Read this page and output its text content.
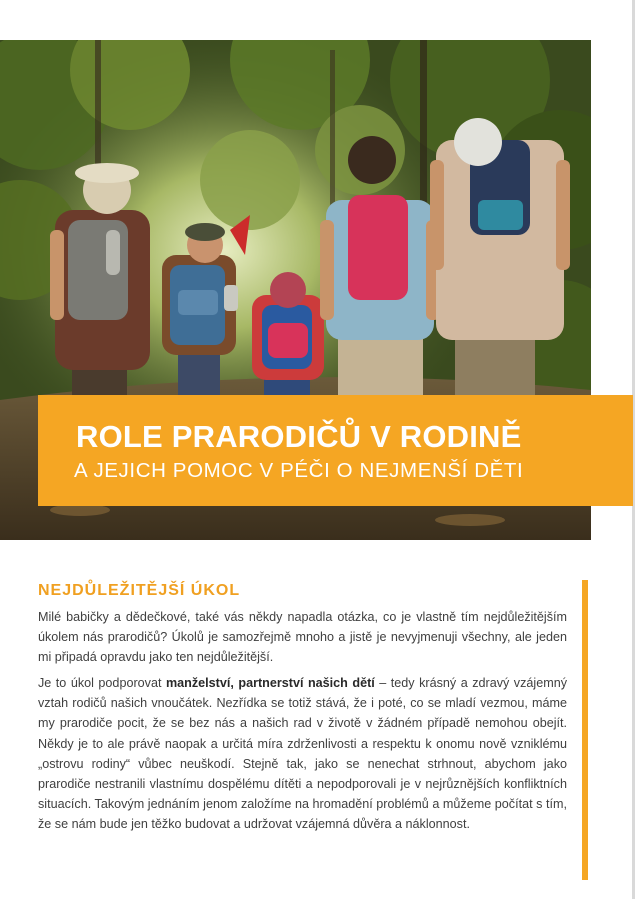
ROLE PRARODIČŮ V RODINĚ
A JEJICH POMOC V PÉČI O NEJMENŠÍ DĚTI
NEJDŮLEŽITĚJŠÍ ÚKOL

Milé babičky a dědečkové, také vás někdy napadla otázka, co je vlastně tím nejdůležitějším úkolem nás prarodičů? Úkolů je samozřejmě mnoho a jistě je nevyjmenuji všechny, ale jeden mi připadá opravdu jako ten nejdůležitější.

Je to úkol podporovat manželství, partnerství našich dětí – tedy krásný a zdravý vzájemný vztah rodičů našich vnoučátek. Nezřídka se totiž stává, že i poté, co se mladí vezmou, máme my prarodiče pocit, že se bez nás a našich rad v životě v žádném případě nemohou obejít. Někdy je to ale právě naopak a určitá míra zdrženlivosti a respektu k onomu nově vzniklému „ostrovu rodiny“ vůbec neuškodí. Stejně tak, jako se nenechat strhnout, abychom jako prarodiče nestranili vlastnímu dospělému dítěti a nepodporovali je v nejrůznějších konfliktních situacích. Takovým jednáním jenom založíme na hromadění problémů a můžeme počítat s tím, že se nám bude jen těžko budovat a udržovat vzájemná důvěra a náklonnost.
